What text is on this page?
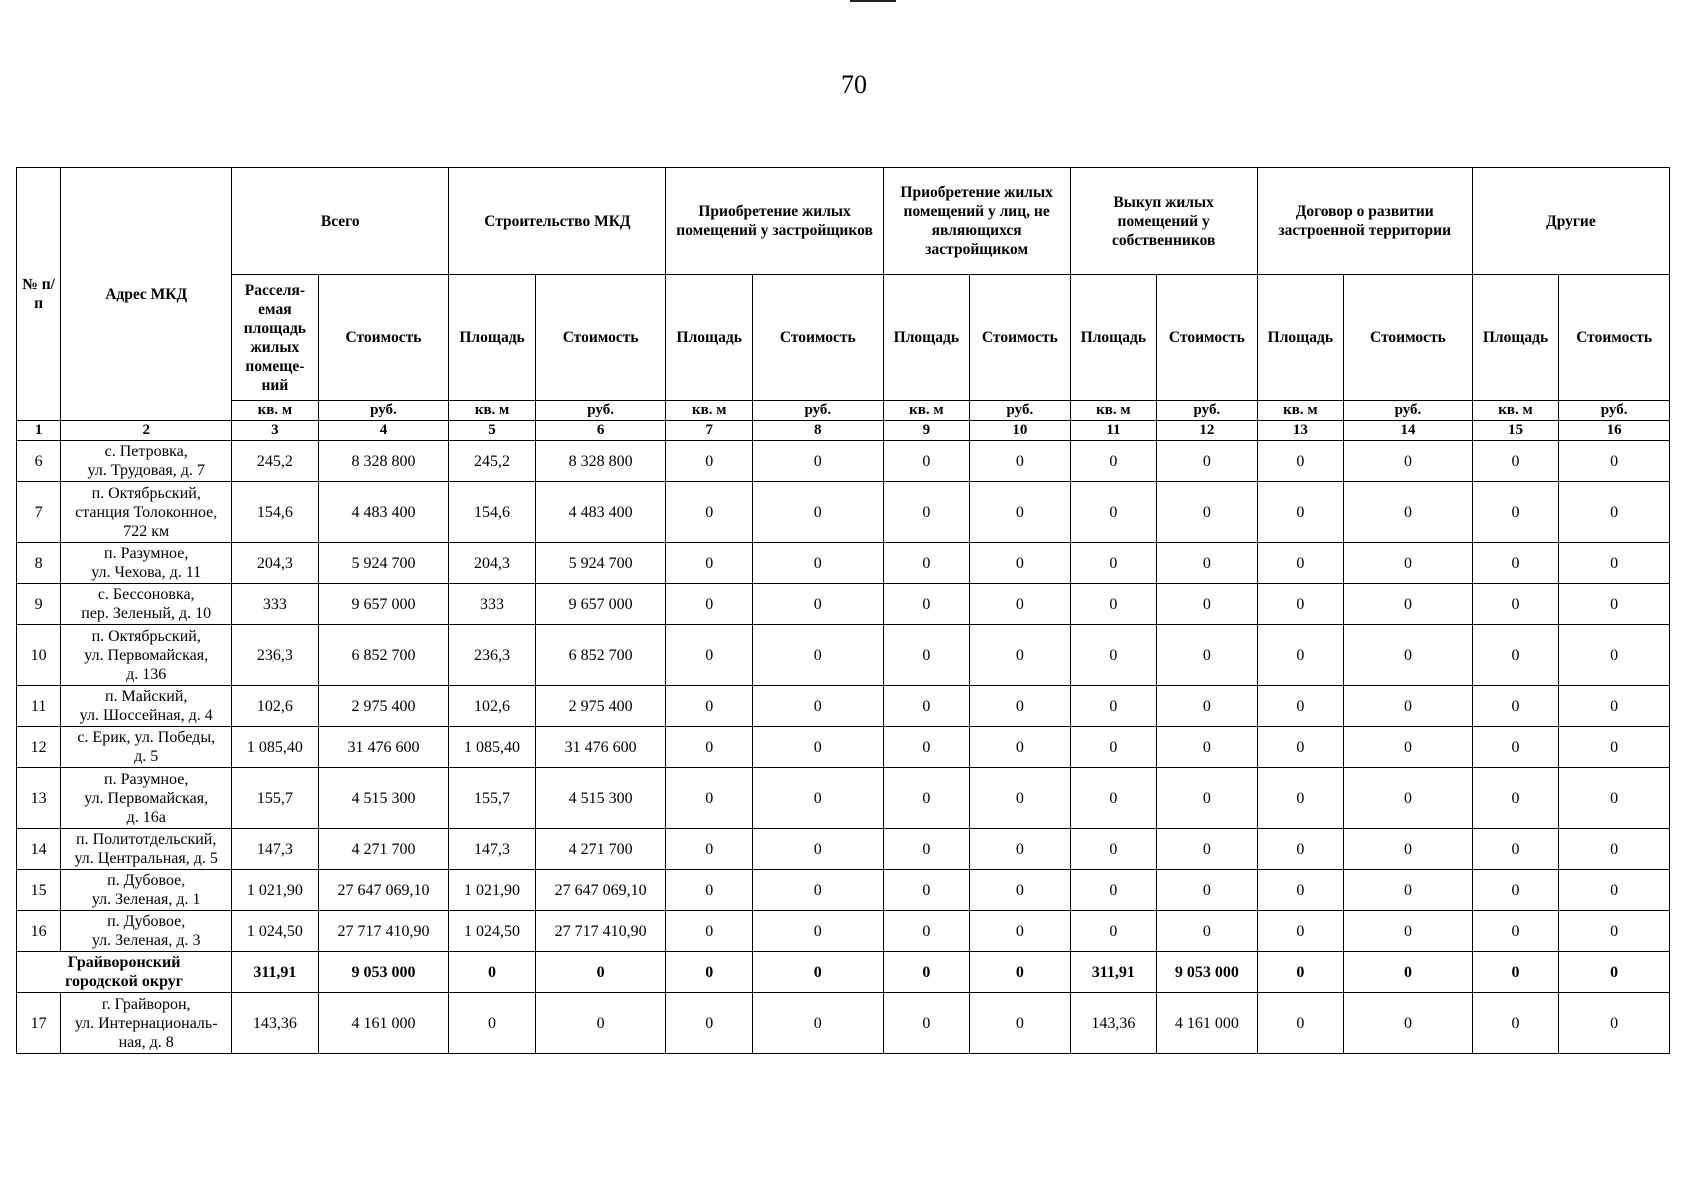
70
№ п/п	Адрес МКД	Всего		Строительство МКД		Приобретение жилых помещений у застройщиков		Приобретение жилых помещений у лиц, не являющихся застройщиком		Выкуп жилых помещений у собственников		Договор о развитии застроенной территории		Другие	
		Расселя- емая площадь жилых помеще- ний	Стоимость	Площадь	Стоимость	Площадь	Стоимость	Площадь	Стоимость	Площадь	Стоимость	Площадь	Стоимость	Площадь	Стоимость
		кв. м	руб.	кв. м	руб.	кв. м	руб.	кв. м	руб.	кв. м	руб.	кв. м	руб.	кв. м	руб.
1	2	3	4	5	6	7	8	9	10	11	12	13	14	15	16
6	с. Петровка,
ул. Трудовая, д. 7	245,2	8 328 800	245,2	8 328 800	0	0	0	0	0	0	0	0	0	0
7	п. Октябрьский,
станция Толоконное,
722 км	154,6	4 483 400	154,6	4 483 400	0	0	0	0	0	0	0	0	0	0
8	п. Разумное,
ул. Чехова, д. 11	204,3	5 924 700	204,3	5 924 700	0	0	0	0	0	0	0	0	0	0
9	с. Бессоновка,
пер. Зеленый, д. 10	333	9 657 000	333	9 657 000	0	0	0	0	0	0	0	0	0	0
10	п. Октябрьский,
ул. Первомайская,
д. 136	236,3	6 852 700	236,3	6 852 700	0	0	0	0	0	0	0	0	0	0
11	п. Майский,
ул. Шоссейная, д. 4	102,6	2 975 400	102,6	2 975 400	0	0	0	0	0	0	0	0	0	0
12	с. Ерик, ул. Победы,
д. 5	1 085,40	31 476 600	1 085,40	31 476 600	0	0	0	0	0	0	0	0	0	0
13	п. Разумное,
ул. Первомайская,
д. 16а	155,7	4 515 300	155,7	4 515 300	0	0	0	0	0	0	0	0	0	0
14	п. Политотдельский,
ул. Центральная, д. 5	147,3	4 271 700	147,3	4 271 700	0	0	0	0	0	0	0	0	0	0
15	п. Дубовое,
ул. Зеленая, д. 1	1 021,90	27 647 069,10	1 021,90	27 647 069,10	0	0	0	0	0	0	0	0	0	0
16	п. Дубовое,
ул. Зеленая, д. 3	1 024,50	27 717 410,90	1 024,50	27 717 410,90	0	0	0	0	0	0	0	0	0	0
Грайворонский
городской округ		311,91	9 053 000	0	0	0	0	0	0	311,91	9 053 000	0	0	0	0
17	г. Грайворон,
ул. Интернациональ-
ная, д. 8	143,36	4 161 000	0	0	0	0	0	0	143,36	4 161 000	0	0	0	0
